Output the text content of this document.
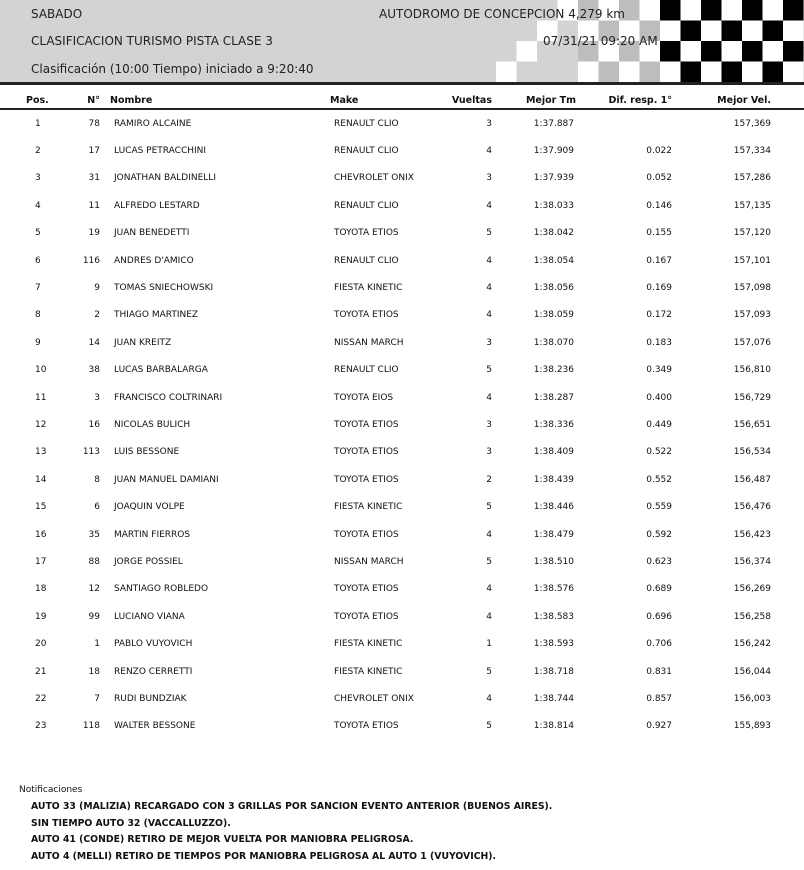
SABADO	AUTODROMO DE CONCEPCION 4,279 km
CLASIFICACION TURISMO PISTA CLASE 3	07/31/21 09:20 AM
Clasificación (10:00 Tiempo) iniciado a 9:20:40
Pos.	N°		Nombre	Make	Vueltas	Mejor Tm	Dif. resp. 1°	Mejor Vel.	
1	78		RAMIRO ALCAINE	RENAULT CLIO	3	1:37.887		157,369	
2	17		LUCAS PETRACCHINI	RENAULT CLIO	4	1:37.909	0.022	157,334	
3	31		JONATHAN BALDINELLI	CHEVROLET ONIX	3	1:37.939	0.052	157,286	
4	11		ALFREDO LESTARD	RENAULT CLIO	4	1:38.033	0.146	157,135	
5	19		JUAN BENEDETTI	TOYOTA ETIOS	5	1:38.042	0.155	157,120	
6	116		ANDRES D'AMICO	RENAULT CLIO	4	1:38.054	0.167	157,101	
7	9		TOMAS SNIECHOWSKI	FIESTA KINETIC	4	1:38.056	0.169	157,098	
8	2		THIAGO MARTINEZ	TOYOTA ETIOS	4	1:38.059	0.172	157,093	
9	14		JUAN KREITZ	NISSAN MARCH	3	1:38.070	0.183	157,076	
10	38		LUCAS BARBALARGA	RENAULT CLIO	5	1:38.236	0.349	156,810	
11	3		FRANCISCO COLTRINARI	TOYOTA EIOS	4	1:38.287	0.400	156,729	
12	16		NICOLAS BULICH	TOYOTA ETIOS	3	1:38.336	0.449	156,651	
13	113		LUIS BESSONE	TOYOTA ETIOS	3	1:38.409	0.522	156,534	
14	8		JUAN MANUEL DAMIANI	TOYOTA ETIOS	2	1:38.439	0.552	156,487	
15	6		JOAQUIN VOLPE	FIESTA KINETIC	5	1:38.446	0.559	156,476	
16	35		MARTIN FIERROS	TOYOTA ETIOS	4	1:38.479	0.592	156,423	
17	88		JORGE POSSIEL	NISSAN MARCH	5	1:38.510	0.623	156,374	
18	12		SANTIAGO ROBLEDO	TOYOTA ETIOS	4	1:38.576	0.689	156,269	
19	99		LUCIANO VIANA	TOYOTA ETIOS	4	1:38.583	0.696	156,258	
20	1		PABLO VUYOVICH	FIESTA KINETIC	1	1:38.593	0.706	156,242	
21	18		RENZO CERRETTI	FIESTA KINETIC	5	1:38.718	0.831	156,044	
22	7		RUDI BUNDZIAK	CHEVROLET ONIX	4	1:38.744	0.857	156,003	
23	118		WALTER BESSONE	TOYOTA ETIOS	5	1:38.814	0.927	155,893	
Notificaciones
AUTO 33 (MALIZIA) RECARGADO CON 3 GRILLAS POR SANCION EVENTO ANTERIOR (BUENOS AIRES).
SIN TIEMPO AUTO 32 (VACCALLUZZO).
AUTO 41 (CONDE) RETIRO DE MEJOR VUELTA POR MANIOBRA PELIGROSA.
AUTO 4 (MELLI) RETIRO DE TIEMPOS POR MANIOBRA PELIGROSA AL AUTO 1 (VUYOVICH).
